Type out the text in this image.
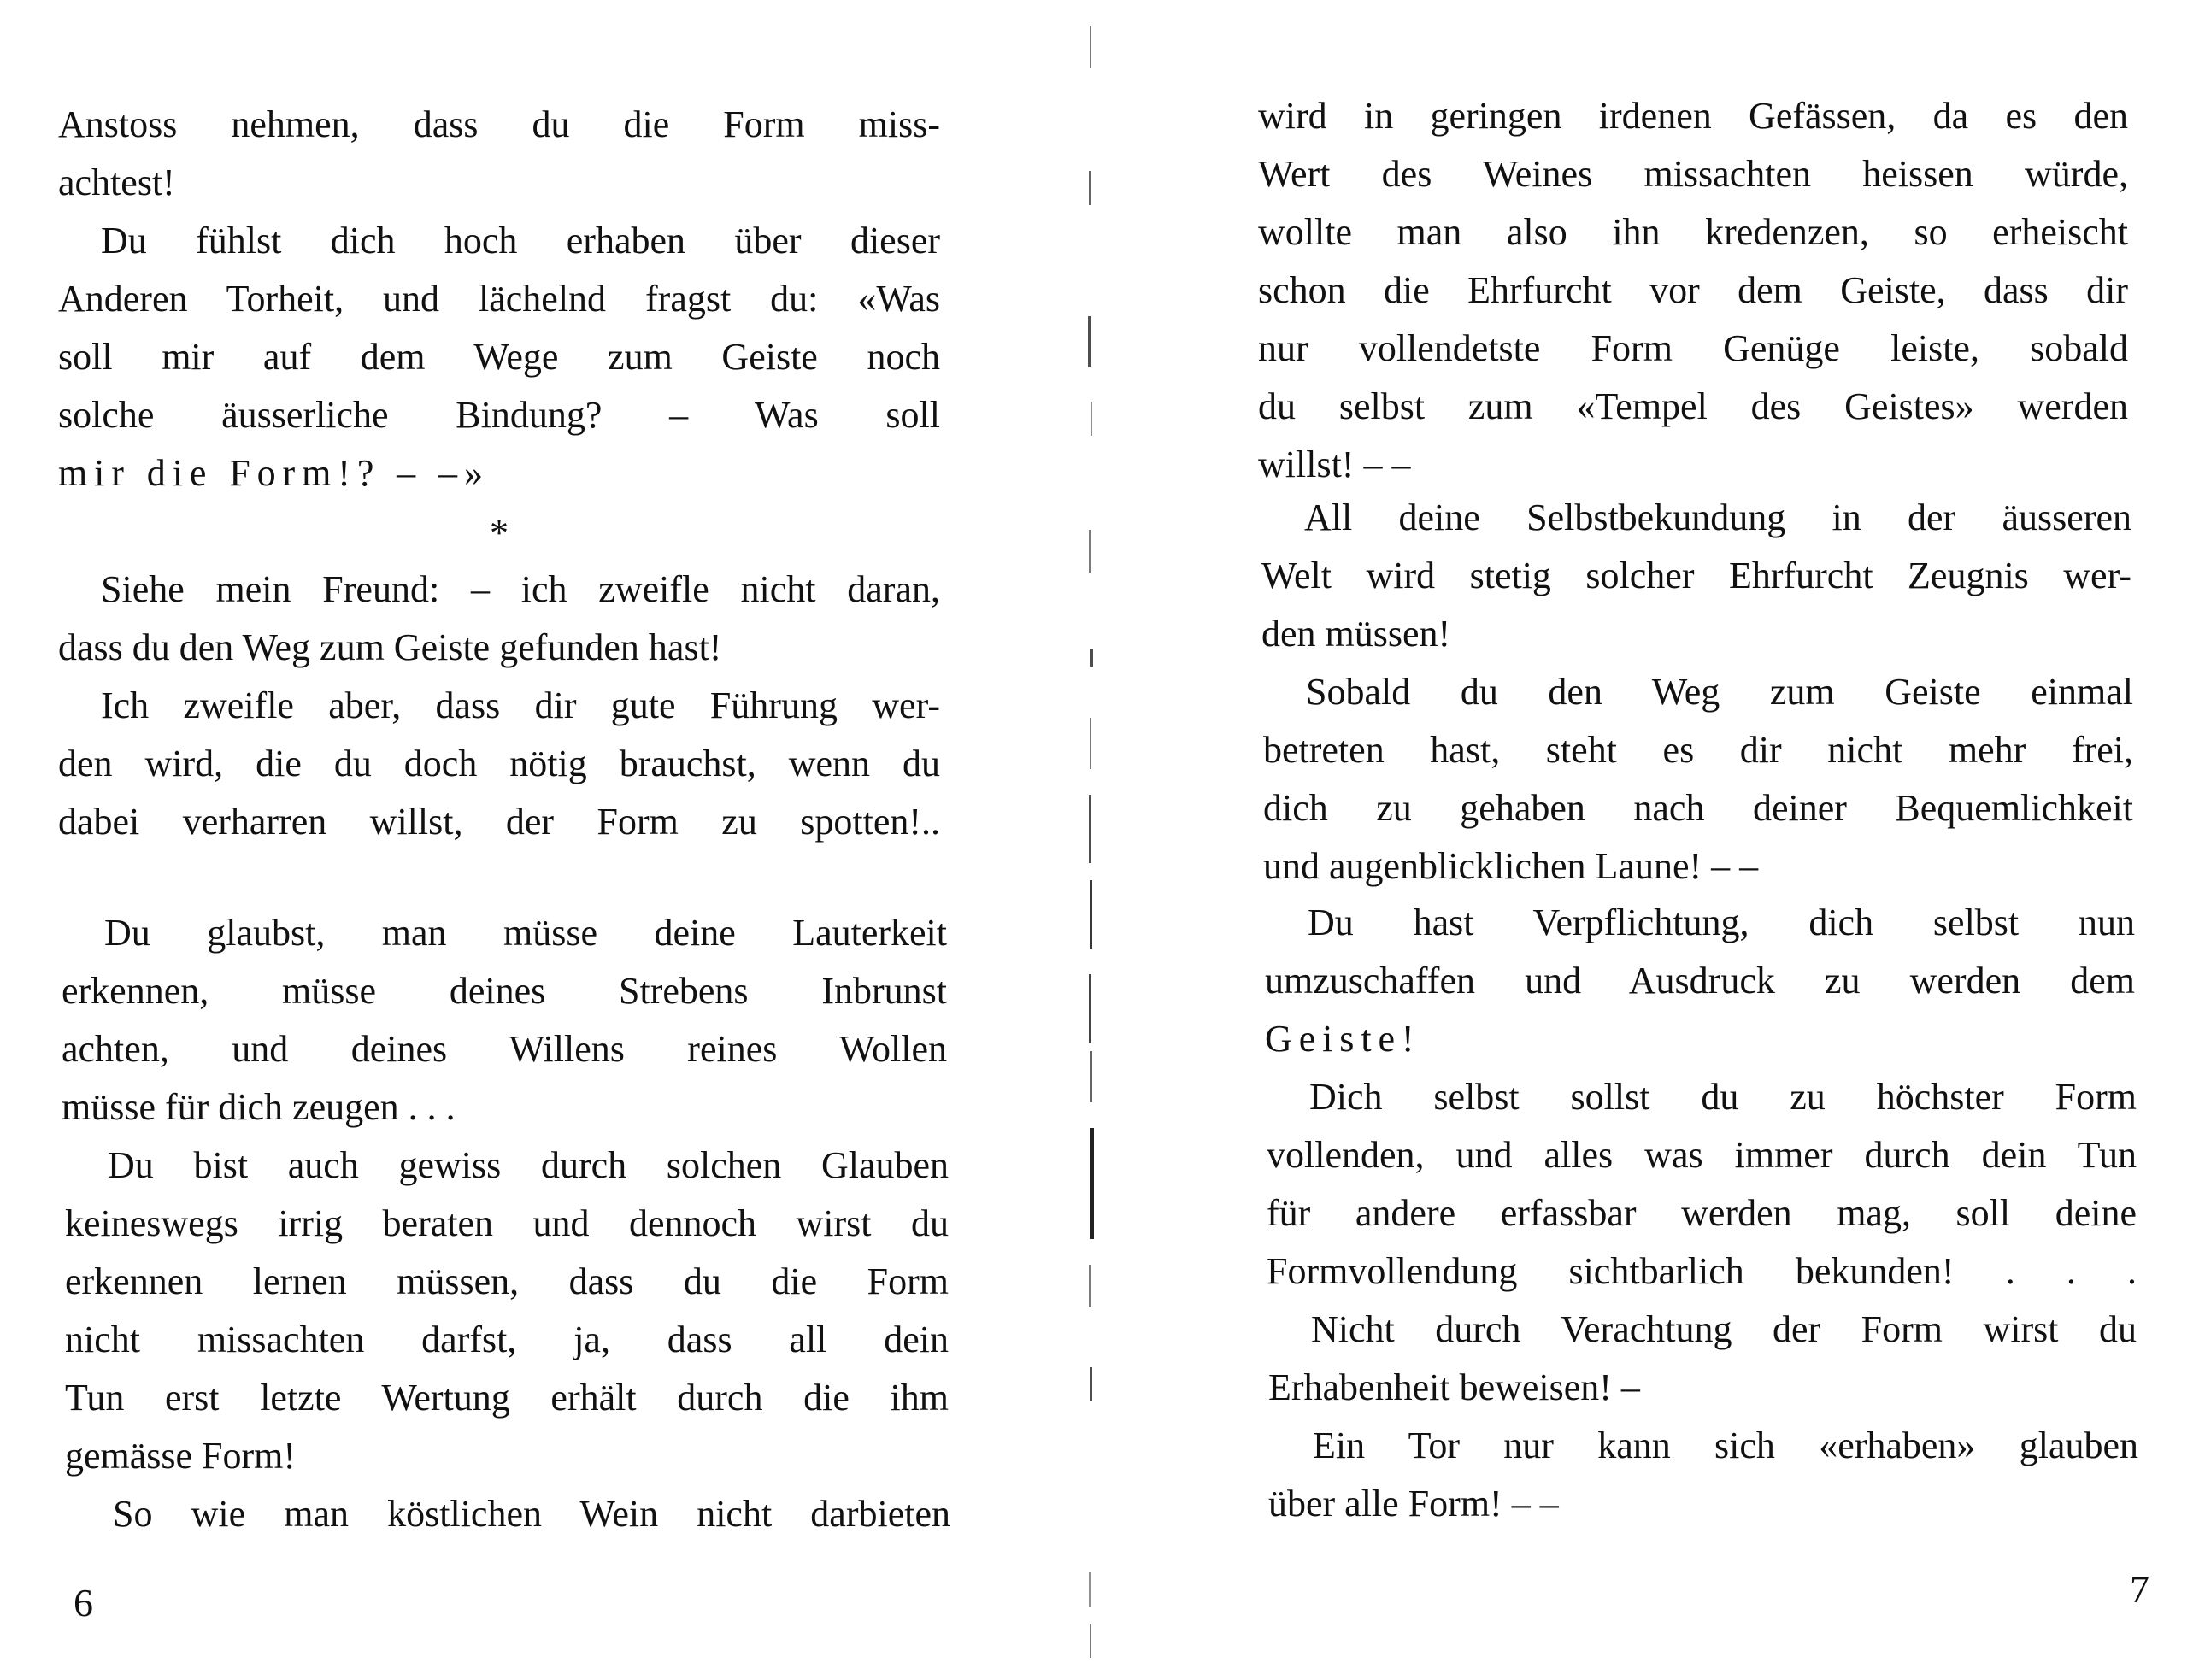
Anstoss nehmen, dass du die Form miss-
achtest!
Du fühlst dich hoch erhaben über dieser
Anderen Torheit, und lächelnd fragst du: «Was
soll mir auf dem Wege zum Geiste noch
solche äusserliche Bindung? – Was soll
mir die Form!? – –»
*
Siehe mein Freund: – ich zweifle nicht daran,
dass du den Weg zum Geiste gefunden hast!
Ich zweifle aber, dass dir gute Führung wer-
den wird, die du doch nötig brauchst, wenn du
dabei verharren willst, der Form zu spotten!..
Du glaubst, man müsse deine Lauterkeit
erkennen, müsse deines Strebens Inbrunst
achten, und deines Willens reines Wollen
müsse für dich zeugen . . .
Du bist auch gewiss durch solchen Glauben
keineswegs irrig beraten und dennoch wirst du
erkennen lernen müssen, dass du die Form
nicht missachten darfst, ja, dass all dein
Tun erst letzte Wertung erhält durch die ihm
gemässe Form!
So wie man köstlichen Wein nicht darbieten
6
wird in geringen irdenen Gefässen, da es den
Wert des Weines missachten heissen würde,
wollte man also ihn kredenzen, so erheischt
schon die Ehrfurcht vor dem Geiste, dass dir
nur vollendetste Form Genüge leiste, sobald
du selbst zum «Tempel des Geistes» werden
willst! – –
All deine Selbstbekundung in der äusseren
Welt wird stetig solcher Ehrfurcht Zeugnis wer-
den müssen!
Sobald du den Weg zum Geiste einmal
betreten hast, steht es dir nicht mehr frei,
dich zu gehaben nach deiner Bequemlichkeit
und augenblicklichen Laune! – –
Du hast Verpflichtung, dich selbst nun
umzuschaffen und Ausdruck zu werden dem
Geiste!
Dich selbst sollst du zu höchster Form
vollenden, und alles was immer durch dein Tun
für andere erfassbar werden mag, soll deine
Formvollendung sichtbarlich bekunden! . . .
Nicht durch Verachtung der Form wirst du
Erhabenheit beweisen! –
Ein Tor nur kann sich «erhaben» glauben
über alle Form! – –
7
